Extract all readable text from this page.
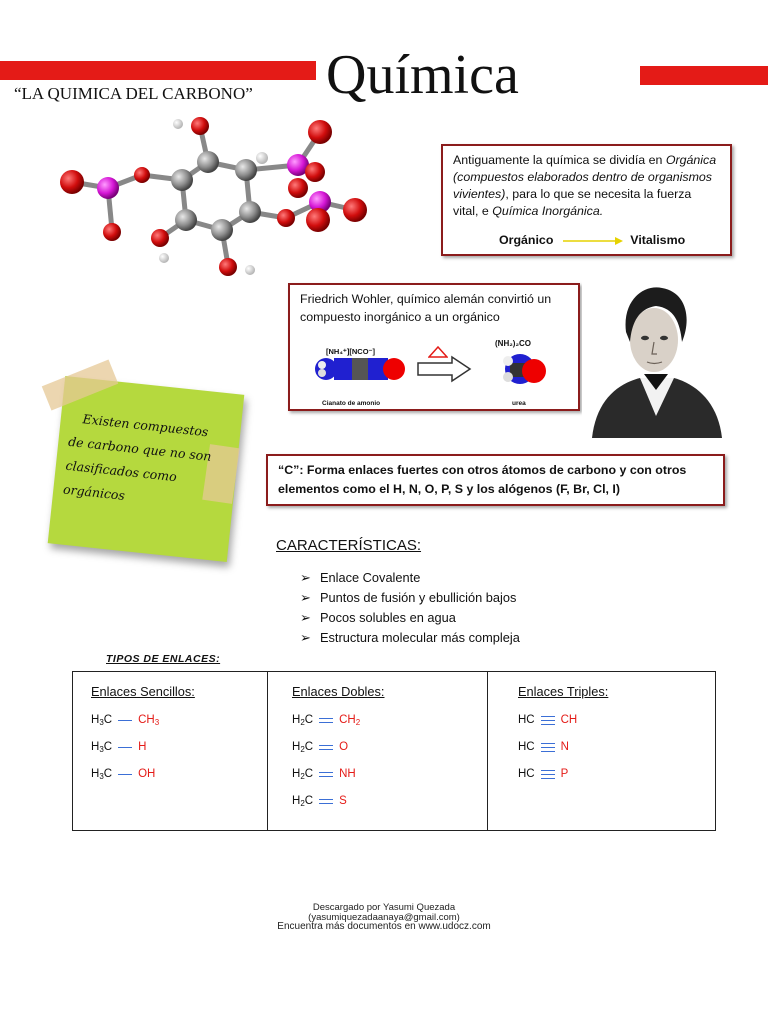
Química
“LA QUIMICA DEL CARBONO”
Antiguamente la química se dividía en Orgánica (compuestos elaborados dentro de organismos vivientes), para lo que se necesita la fuerza vital, e Química Inorgánica.
Orgánico	Vitalismo
Friedrich Wohler, químico alemán convirtió un compuesto inorgánico a un orgánico
[NH₄⁺][NCO⁻]
(NH₂)₂CO
Cianato de amonio	urea
Existen compuestos
de carbono que no son
clasificados como
orgánicos
“C”: Forma enlaces fuertes con otros átomos de carbono y con otros elementos como el H, N, O, P, S y los alógenos (F, Br, Cl, I)
CARACTERÍSTICAS:
➢ Enlace Covalente
➢ Puntos de fusión y ebullición bajos
➢ Pocos solubles en agua
➢ Estructura molecular más compleja
TIPOS DE ENLACES:
Enlaces Sencillos:
$H_3C$ $CH_3$
$H_3C$ H
$H_3C$ OH
Enlaces Dobles:
$H_2C$ $CH_2$
$H_2C$ O
$H_2C$ NH
$H_2C$ S
Enlaces Triples:
HC CH
HC N
HC P
Descargado por Yasumi Quezada
(yasumiquezadaanaya@gmail.com)
Encuentra más documentos en www.udocz.com
